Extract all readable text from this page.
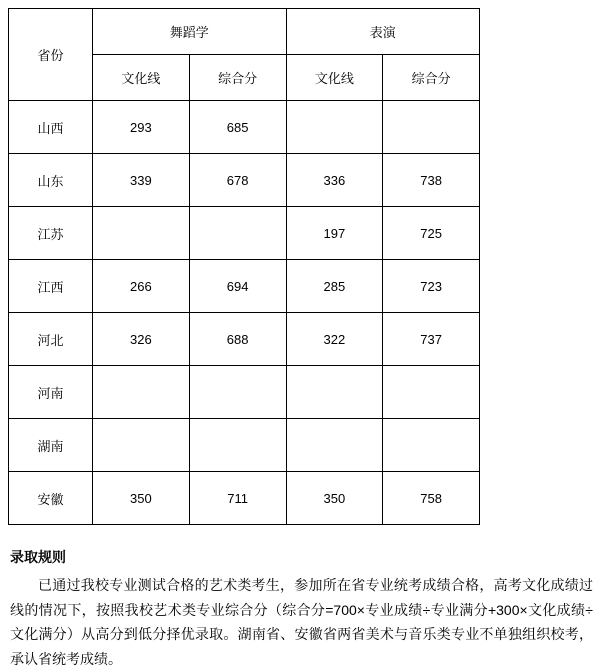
省份	舞蹈学		表演	
	文化线	综合分	文化线	综合分
山西	293	685		
山东	339	678	336	738
江苏			197	725
江西	266	694	285	723
河北	326	688	322	737
河南				
湖南				
安徽	350	711	350	758
录取规则
已通过我校专业测试合格的艺术类考生，参加所在省专业统考成绩合格，高考文化成绩过线的情况下，按照我校艺术类专业综合分（综合分=700×专业成绩÷专业满分+300×文化成绩÷文化满分）从高分到低分择优录取。湖南省、安徽省两省美术与音乐类专业不单独组织校考，承认省统考成绩。
